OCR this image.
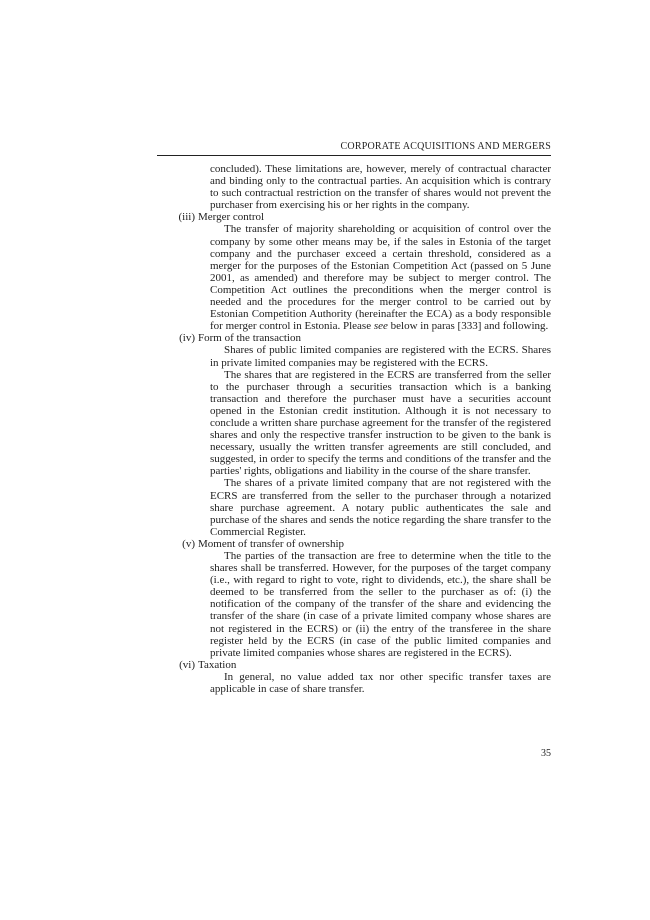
CORPORATE ACQUISITIONS AND MERGERS

concluded). These limitations are, however, merely of contractual character and binding only to the contractual parties. An acquisition which is contrary to such contractual restriction on the transfer of shares would not prevent the purchaser from exercising his or her rights in the company.

(iii) Merger control

The transfer of majority shareholding or acquisition of control over the company by some other means may be, if the sales in Estonia of the target company and the purchaser exceed a certain threshold, considered as a merger for the purposes of the Estonian Competition Act (passed on 5 June 2001, as amended) and therefore may be subject to merger control. The Competition Act outlines the preconditions when the merger control is needed and the procedures for the merger control to be carried out by Estonian Competition Authority (hereinafter the ECA) as a body responsible for merger control in Estonia. Please see below in paras [333] and following.

(iv) Form of the transaction

Shares of public limited companies are registered with the ECRS. Shares in private limited companies may be registered with the ECRS.

The shares that are registered in the ECRS are transferred from the seller to the purchaser through a securities transaction which is a banking transaction and therefore the purchaser must have a securities account opened in the Estonian credit institution. Although it is not necessary to conclude a written share purchase agreement for the transfer of the registered shares and only the respective transfer instruction to be given to the bank is necessary, usually the written transfer agreements are still concluded, and suggested, in order to specify the terms and conditions of the transfer and the parties' rights, obligations and liability in the course of the share transfer.

The shares of a private limited company that are not registered with the ECRS are transferred from the seller to the purchaser through a notarized share purchase agreement. A notary public authenticates the sale and purchase of the shares and sends the notice regarding the share transfer to the Commercial Register.

(v) Moment of transfer of ownership

The parties of the transaction are free to determine when the title to the shares shall be transferred. However, for the purposes of the target company (i.e., with regard to right to vote, right to dividends, etc.), the share shall be deemed to be transferred from the seller to the purchaser as of: (i) the notification of the company of the transfer of the share and evidencing the transfer of the share (in case of a private limited company whose shares are not registered in the ECRS) or (ii) the entry of the transferee in the share register held by the ECRS (in case of the public limited companies and private limited companies whose shares are registered in the ECRS).

(vi) Taxation

In general, no value added tax nor other specific transfer taxes are applicable in case of share transfer.

35
